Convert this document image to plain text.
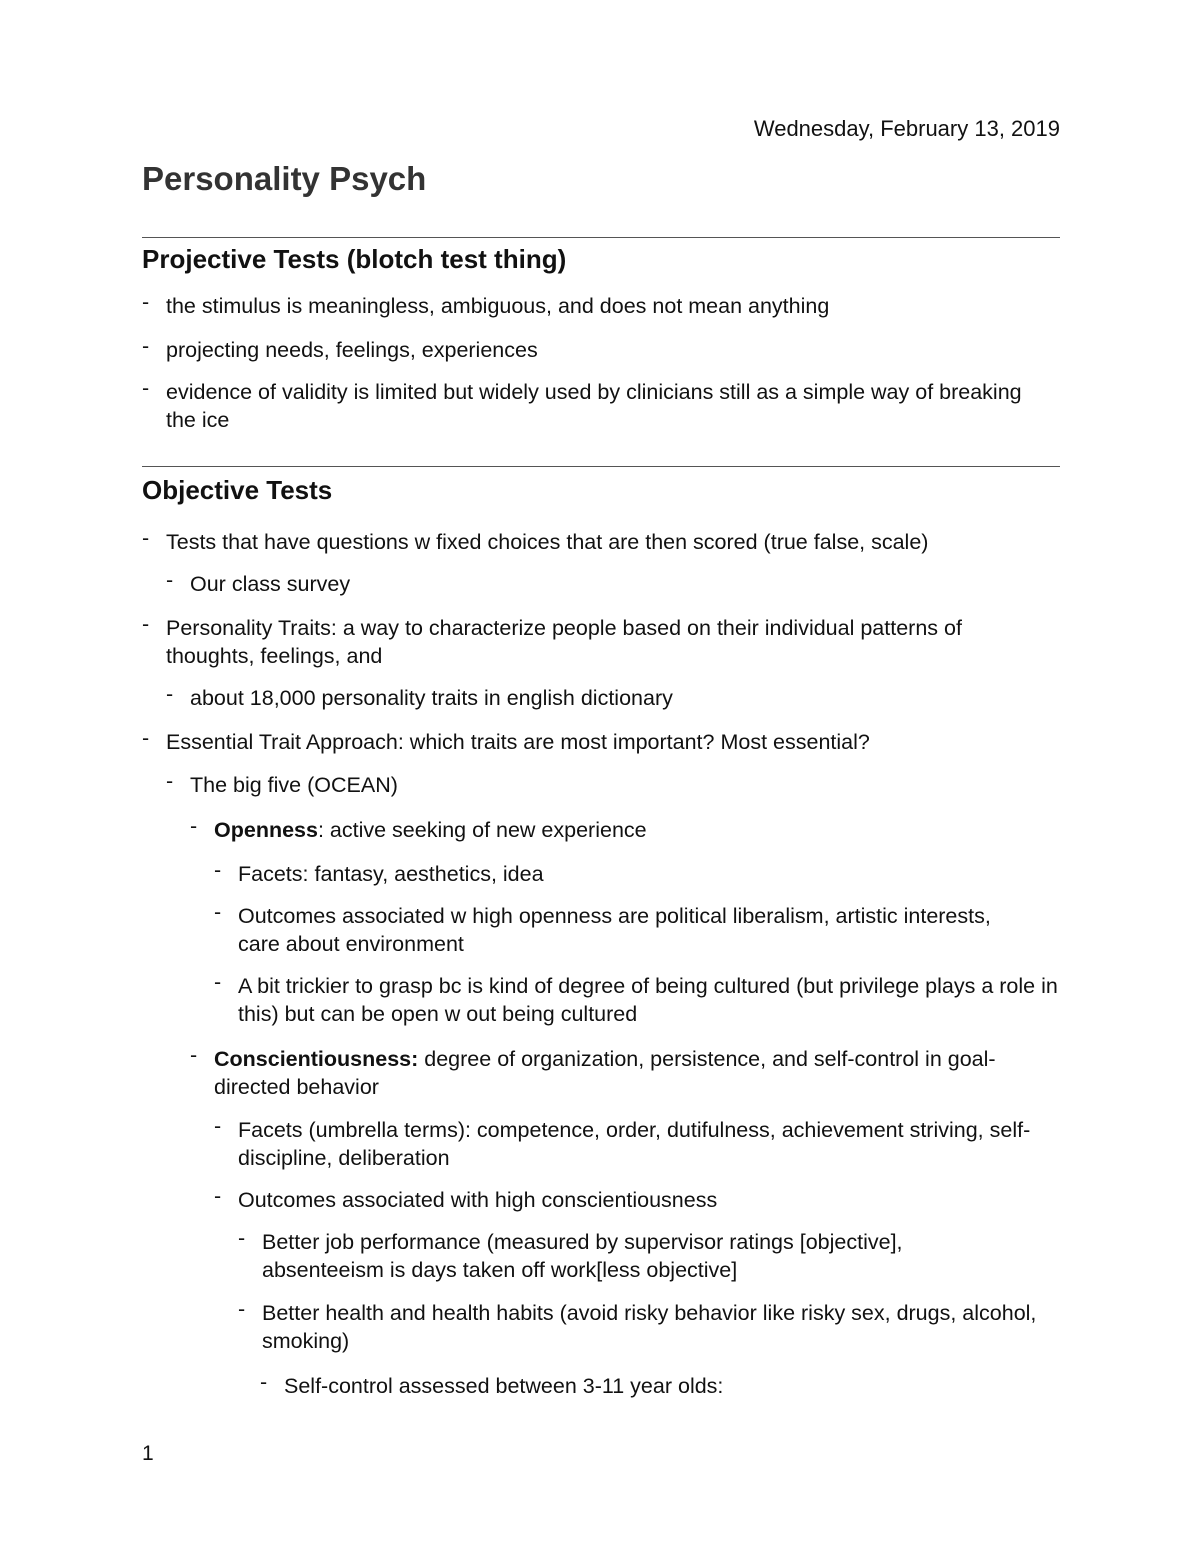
Wednesday, February 13, 2019
Personality Psych
Projective Tests (blotch test thing)
- the stimulus is meaningless, ambiguous, and does not mean anything
- projecting needs, feelings, experiences
- evidence of validity is limited but widely used by clinicians still as a simple way of breaking the ice
Objective Tests
- Tests that have questions w fixed choices that are then scored (true false, scale)
- Our class survey
- Personality Traits: a way to characterize people based on their individual patterns of thoughts, feelings, and
- about 18,000 personality traits in english dictionary
- Essential Trait Approach: which traits are most important? Most essential?
- The big five (OCEAN)
- Openness: active seeking of new experience
- Facets: fantasy, aesthetics, idea
- Outcomes associated w high openness are political liberalism, artistic interests, care about environment
- A bit trickier to grasp bc is kind of degree of being cultured (but privilege plays a role in this) but can be open w out being cultured
- Conscientiousness: degree of organization, persistence, and self-control in goal-directed behavior
- Facets (umbrella terms): competence, order, dutifulness, achievement striving, self-discipline, deliberation
- Outcomes associated with high conscientiousness
- Better job performance (measured by supervisor ratings [objective], absenteeism is days taken off work[less objective]
- Better health and health habits (avoid risky behavior like risky sex, drugs, alcohol, smoking)
- Self-control assessed between 3-11 year olds:
1
